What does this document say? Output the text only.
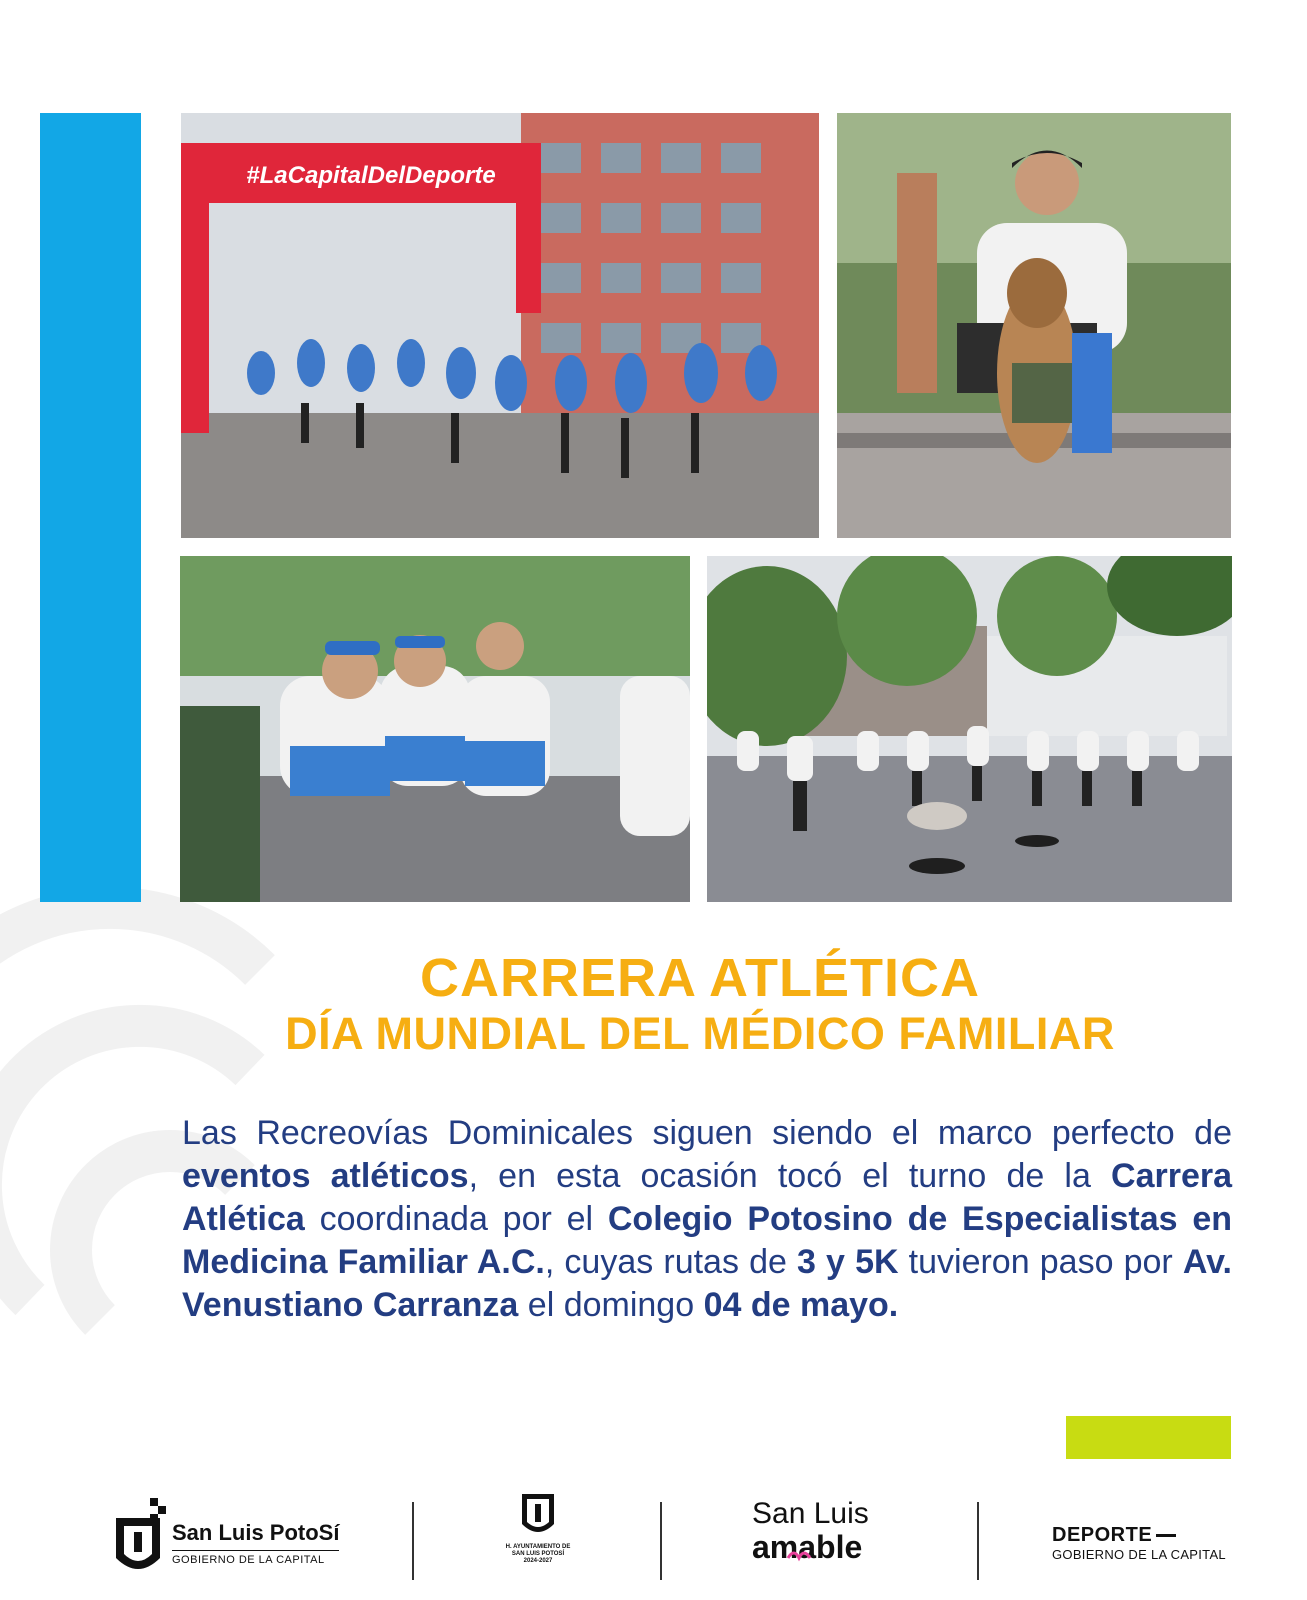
#LaCapitalDelDeporte
CARRERA ATLÉTICA
DÍA MUNDIAL DEL MÉDICO FAMILIAR
Las Recreovías Dominicales siguen siendo el marco perfecto de eventos atléticos, en esta ocasión tocó el turno de la Carrera Atlética coordinada por el Colegio Potosino de Especialistas en Medicina Familiar A.C., cuyas rutas de 3 y 5K tuvieron paso por Av. Venustiano Carranza el domingo 04 de mayo.
San Luis PotoSí
GOBIERNO DE LA CAPITAL
H. AYUNTAMIENTO DE
SAN LUIS POTOSÍ
2024-2027
San Luis
amable	DEPORTE
GOBIERNO DE LA CAPITAL
